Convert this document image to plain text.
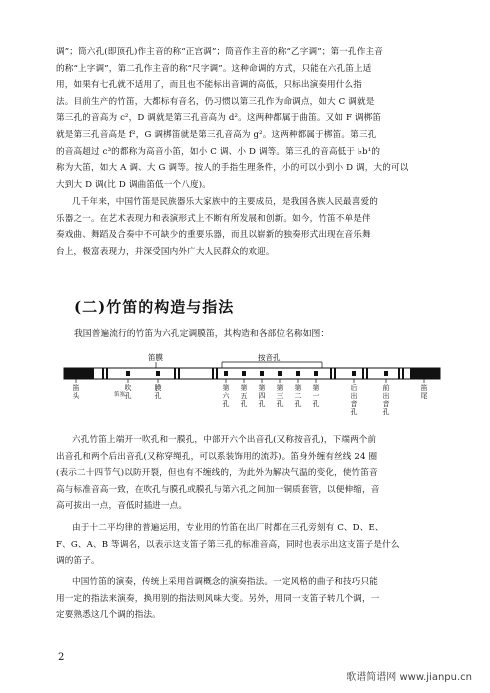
调”；筒六孔(即顶孔)作主音的称“正宫调”；筒音作主音的称“乙字调”；第一孔作主音
的称“上字调”，第二孔作主音的称“尺字调”。这种命调的方式，只能在六孔笛上适
用，如果有七孔就不适用了，而且也不能标出音调的高低，只标出演奏用什么指
法。目前生产的竹笛，大都标有音名，仍习惯以第三孔作为命调点，如大 C 调就是
第三孔的音高为 c²，D 调就是第三孔音高为 d²。这两种都属于曲笛。又如 F 调梆笛
就是第三孔音高是 f²，G 调梆笛就是第三孔音高为 g²。这两种都属于梆笛。第三孔
的音高超过 c³的都称为高音小笛，如小 C 调、小 D 调等。第三孔的音高低于 ♭b¹的
称为大笛，如大 A 调、大 G 调等。按人的手指生理条件，小的可以小到小 D 调，大的可以
大到大 D 调(比 D 调曲笛低一个八度)。
几千年来，中国竹笛是民族器乐大家族中的主要成员，是我国各族人民最喜爱的
乐器之一。在艺术表现力和表演形式上不断有所发展和创新。如今，竹笛不单是伴
奏戏曲、舞蹈及合奏中不可缺少的重要乐器，而且以崭新的独奏形式出现在音乐舞
台上，极富表现力，并深受国内外广大人民群众的欢迎。
(二)竹笛的构造与指法
我国普遍流行的竹笛为六孔定调膜笛，其构造和各部位名称如图：
笛膜	按音孔
笛头
吹孔
膜孔
第六孔
第五孔
第四孔
第三孔
第二孔
第一孔
后出音孔
前出音孔
笛尾
笛塞
六孔竹笛上端开一吹孔和一膜孔，中部开六个出音孔(又称按音孔)，下端两个前
出音孔和两个后出音孔(又称穿绳孔，可以系装饰用的流苏)。笛身外缠有丝线 24 圈
(表示二十四节气)以防开裂，但也有不缠线的，为此外为解决气温的变化，使竹笛音
高与标准音高一致，在吹孔与膜孔或膜孔与第六孔之间加一铜质套管，以便伸缩，音
高可拔出一点，音低时插进一点。
由于十二平均律的普遍运用，专业用的竹笛在出厂时都在三孔旁刻有 C、D、E、
F、G、A、B 等调名，以表示这支笛子第三孔的标准音高，同时也表示出这支笛子是什么
调的笛子。
中国竹笛的演奏，传统上采用首调概念的演奏指法。一定风格的曲子和技巧只能
用一定的指法来演奏，换用别的指法则风味大变。另外，用同一支笛子转几个调，一
定要熟悉这几个调的指法。
2
歌谱简谱网 www.jianpu.cn
